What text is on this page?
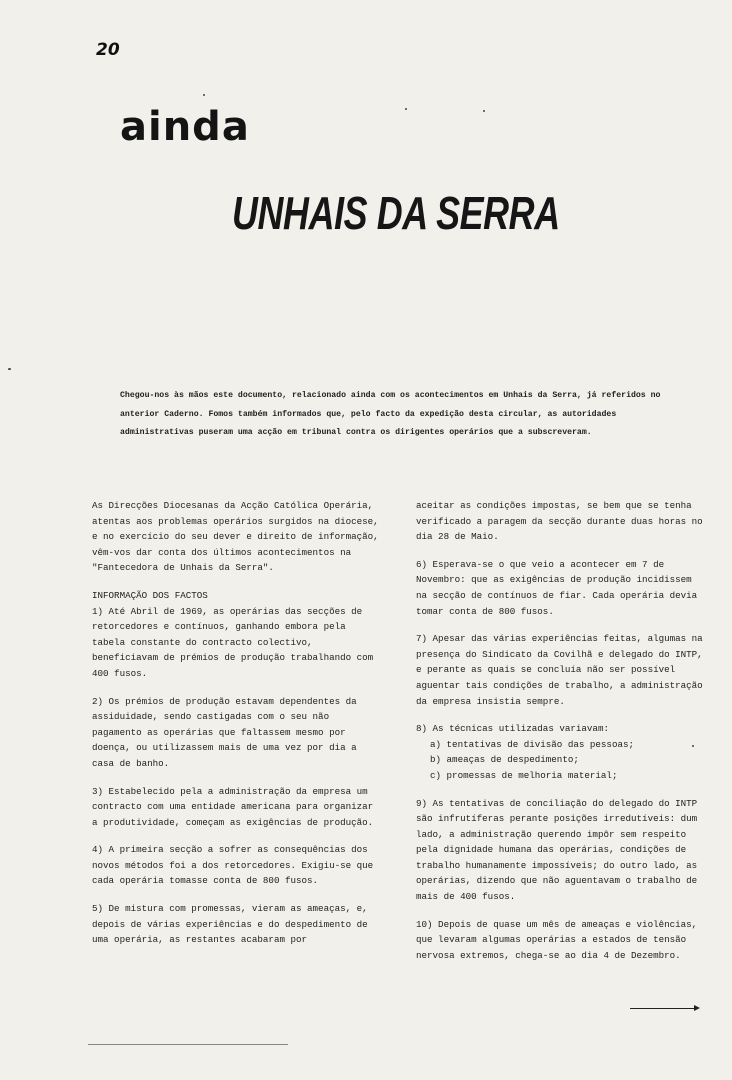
20
ainda
UNHAIS DA SERRA
Chegou-nos às mãos este documento, relacionado ainda com os acontecimentos em Unhais da Serra, já referidos no anterior Caderno. Fomos também informados que, pelo facto da expedição desta circular, as autoridades administrativas puseram uma acção em tribunal contra os dirigentes operários que a subscreveram.

As Direcções Diocesanas da Acção Católica Operária, atentas aos problemas operários surgidos na diocese, e no exercício do seu dever e direito de informação, vêm-vos dar conta dos últimos acontecimentos na "Fantecedora de Unhais da Serra".

INFORMAÇÃO DOS FACTOS

1) Até Abril de 1969, as operárias das secções de retorcedores e contínuos, ganhando embora pela tabela constante do contracto colectivo, beneficiavam de prémios de produção trabalhando com 400 fusos.

2) Os prémios de produção estavam dependentes da assiduidade, sendo castigadas com o seu não pagamento as operárias que faltassem mesmo por doença, ou utilizassem mais de uma vez por dia a casa de banho.

3) Estabelecido pela a administração da empresa um contracto com uma entidade americana para organizar a produtividade, começam as exigências de produção.

4) A primeira secção a sofrer as consequências dos novos métodos foi a dos retorcedores. Exigiu-se que cada operária tomasse conta de 800 fusos.

5) De mistura com promessas, vieram as ameaças, e, depois de várias experiências e do despedimento de uma operária, as restantes acabaram por

aceitar as condições impostas, se bem que se tenha verificado a paragem da secção durante duas horas no dia 28 de Maio.

6) Esperava-se o que veio a acontecer em 7 de Novembro: que as exigências de produção incidissem na secção de contínuos de fiar. Cada operária devia tomar conta de 800 fusos.

7) Apesar das várias experiências feitas, algumas na presença do Sindicato da Covilhã e delegado do INTP, e perante as quais se concluía não ser possível aguentar tais condições de trabalho, a administração da empresa insistia sempre.

8) As técnicas utilizadas variavam:

a) tentativas de divisão das pessoas;
b) ameaças de despedimento;
c) promessas de melhoria material;

9) As tentativas de conciliação do delegado do INTP são infrutíferas perante posições irredutíveis: dum lado, a administração querendo impôr sem respeito pela dignidade humana das operárias, condições de trabalho humanamente impossíveis; do outro lado, as operárias, dizendo que não aguentavam o trabalho de mais de 400 fusos.

10) Depois de quase um mês de ameaças e violências, que levaram algumas operárias a estados de tensão nervosa extremos, chega-se ao dia 4 de Dezembro.
